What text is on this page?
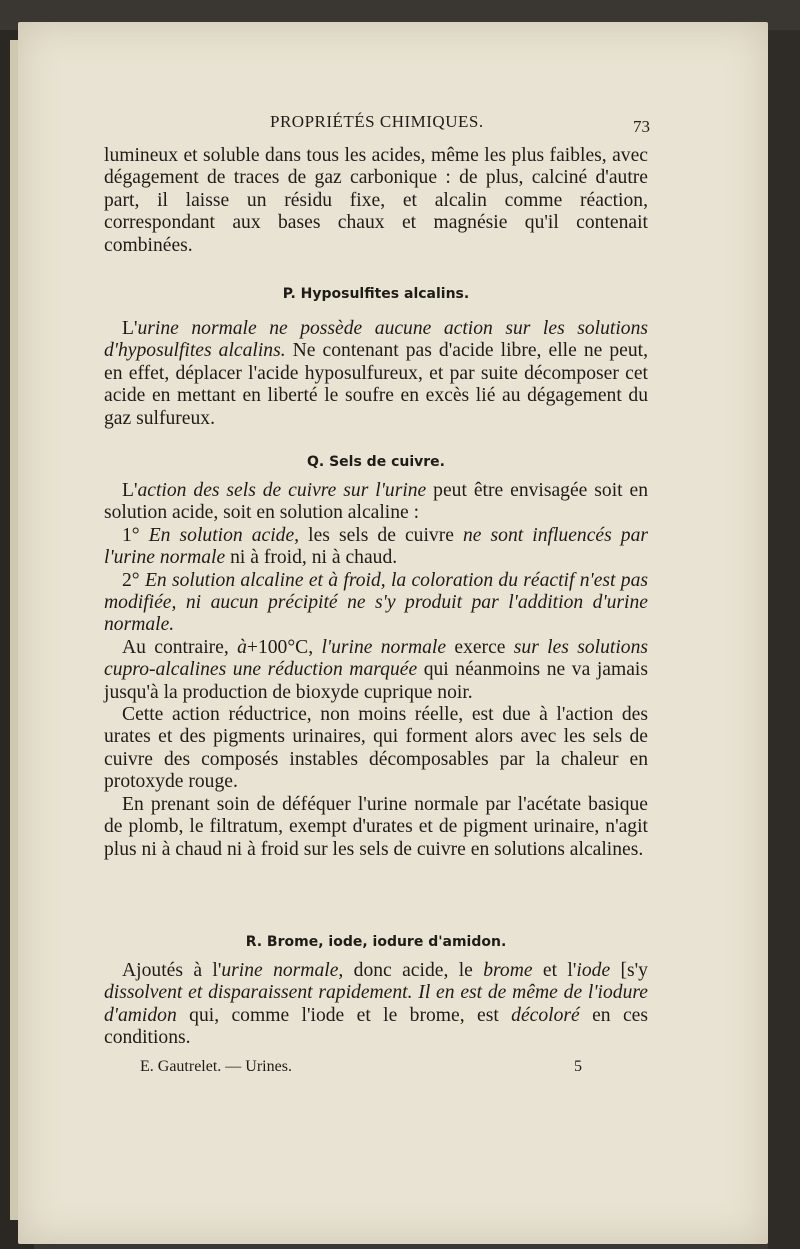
PROPRIÉTÉS CHIMIQUES.	73

lumineux et soluble dans tous les acides, même les plus faibles, avec dégagement de traces de gaz carbonique : de plus, calciné d'autre part, il laisse un résidu fixe, et alcalin comme réaction, correspondant aux bases chaux et magnésie qu'il contenait combinées.

P. Hyposulfites alcalins.

L'urine normale ne possède aucune action sur les solutions d'hyposulfites alcalins. Ne contenant pas d'acide libre, elle ne peut, en effet, déplacer l'acide hyposulfureux, et par suite décomposer cet acide en mettant en liberté le soufre en excès lié au dégagement du gaz sulfureux.

Q. Sels de cuivre.

L'action des sels de cuivre sur l'urine peut être envisagée soit en solution acide, soit en solution alcaline :

1° En solution acide, les sels de cuivre ne sont influencés par l'urine normale ni à froid, ni à chaud.

2° En solution alcaline et à froid, la coloration du réactif n'est pas modifiée, ni aucun précipité ne s'y produit par l'addition d'urine normale.

Au contraire, à+100°C, l'urine normale exerce sur les solutions cupro-alcalines une réduction marquée qui néanmoins ne va jamais jusqu'à la production de bioxyde cuprique noir.

Cette action réductrice, non moins réelle, est due à l'action des urates et des pigments urinaires, qui forment alors avec les sels de cuivre des composés instables décomposables par la chaleur en protoxyde rouge.

En prenant soin de déféquer l'urine normale par l'acétate basique de plomb, le filtratum, exempt d'urates et de pigment urinaire, n'agit plus ni à chaud ni à froid sur les sels de cuivre en solutions alcalines.

R. Brome, iode, iodure d'amidon.

Ajoutés à l'urine normale, donc acide, le brome et l'iode [s'y dissolvent et disparaissent rapidement. Il en est de même de l'iodure d'amidon qui, comme l'iode et le brome, est décoloré en ces conditions.

E. Gautrelet. — Urines.	5
